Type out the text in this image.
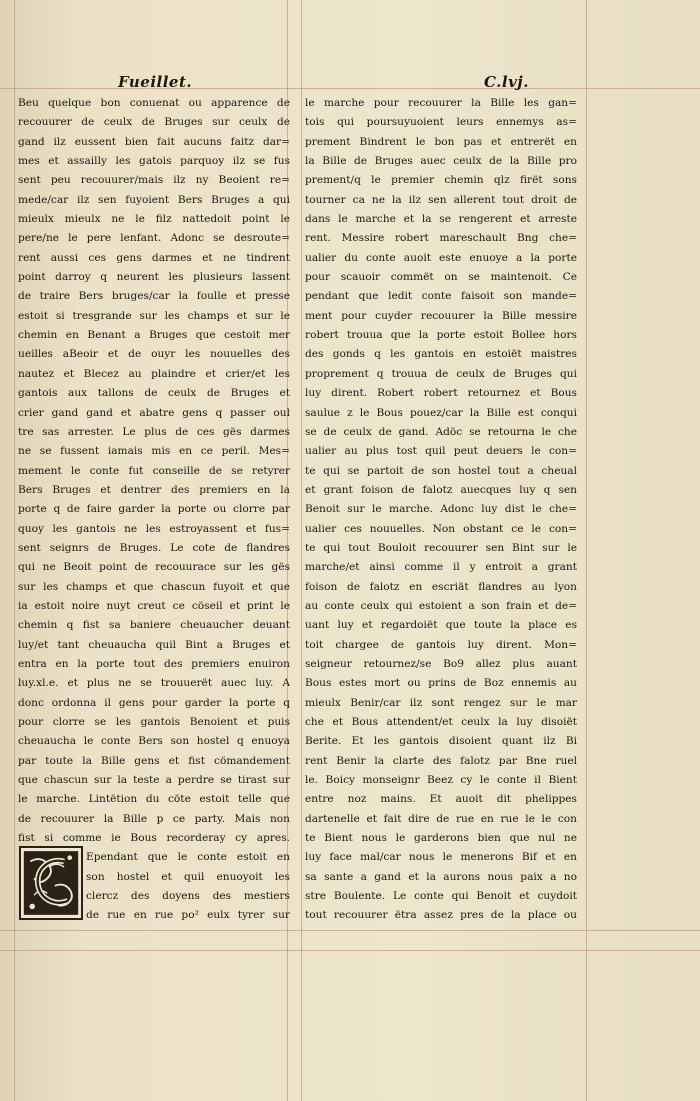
Fueillet.	C.lvj.
Beu quelque bon conuenat ou apparence de
recouurer de ceulx de Bruges sur ceulx de
gand ilz eussent bien fait aucuns faitz dar=
mes et assailly les gatois parquoy ilz se fus
sent peu recouurer/mais ilz ny Beoient re=
mede/car ilz sen fuyoient Bers Bruges a qui
mieulx mieulx ne le filz nattedoit point le
pere/ne le pere lenfant. Adonc se desroute=
rent aussi ces gens darmes et ne tindrent
point darroy q neurent les plusieurs lassent
de traire Bers bruges/car la foulle et presse
estoit si tresgrande sur les champs et sur le
chemin en Benant a Bruges que cestoit mer
ueilles aBeoir et de ouyr les nouuelles des
nautez et Blecez au plaindre et crier/et les
gantois aux tallons de ceulx de Bruges et
crier gand gand et abatre gens q passer oul
tre sas arrester. Le plus de ces gës darmes
ne se fussent iamais mis en ce peril. Mes=
mement le conte fut conseille de se retyrer
Bers Bruges et dentrer des premiers en la
porte q de faire garder la porte ou clorre par
quoy les gantois ne les estroyassent et fus=
sent seignrs de Bruges. Le cote de flandres
qui ne Beoit point de recouurace sur les gës
sur les champs et que chascun fuyoit et que
ia estoit noire nuyt creut ce cöseil et print le
chemin q fist sa baniere cheuaucher deuant
luy/et tant cheuaucha quil Bint a Bruges et
entra en la porte tout des premiers enuiron
luy.xl.e. et plus ne se trouuerët auec luy. A
donc ordonna il gens pour garder la porte q
pour clorre se les gantois Benoient et puis
cheuaucha le conte Bers son hostel q enuoya
par toute la Bille gens et fist cömandement
que chascun sur la teste a perdre se tirast sur
le marche. Lintëtion du cöte estoit telle que
de recouurer la Bille p ce party. Mais non
fist si comme ie Bous recorderay cy apres.
Ependant que le conte estoit en
son hostel et quil enuoyoit les
clercz des doyens des mestiers
de rue en rue po² eulx tyrer sur
le marche pour recouurer la Bille les gan=
tois qui poursuyuoient leurs ennemys as=
prement Bindrent le bon pas et entrerët en
la Bille de Bruges auec ceulx de la Bille pro
prement/q le premier chemin qlz firët sons
tourner ca ne la ilz sen allerent tout droit de
dans le marche et la se rengerent et arreste
rent. Messire robert mareschault Bng che=
ualier du conte auoit este enuoye a la porte
pour scauoir commët on se maintenoit. Ce
pendant que ledit conte faisoit son mande=
ment pour cuyder recouurer la Bille messire
robert trouua que la porte estoit Bollee hors
des gonds q les gantois en estoiët maistres
proprement q trouua de ceulx de Bruges qui
luy dirent. Robert robert retournez et Bous
saulue z le Bous pouez/car la Bille est conqui
se de ceulx de gand. Adöc se retourna le che
ualier au plus tost quil peut deuers le con=
te qui se partoit de son hostel tout a cheual
et grant foison de falotz auecques luy q sen
Benoit sur le marche. Adonc luy dist le che=
ualier ces nouuelles. Non obstant ce le con=
te qui tout Bouloit recouurer sen Bint sur le
marche/et ainsi comme il y entroit a grant
foison de falotz en escriät flandres au lyon
au conte ceulx qui estoient a son frain et de=
uant luy et regardoiët que toute la place es
toit chargee de gantois luy dirent. Mon=
seigneur retournez/se Bo9 allez plus auant
Bous estes mort ou prins de Boz ennemis au
mieulx Benir/car ilz sont rengez sur le mar
che et Bous attendent/et ceulx la luy disoiët
Berite. Et les gantois disoient quant ilz Bi
rent Benir la clarte des falotz par Bne ruel
le. Boicy monseignr Beez cy le conte il Bient
entre noz mains. Et auoit dit phelippes
dartenelle et fait dire de rue en rue le le con
te Bient nous le garderons bien que nul ne
luy face mal/car nous le menerons Bif et en
sa sante a gand et la aurons nous paix a no
stre Boulente. Le conte qui Benoit et cuydoit
tout recouurer ëtra assez pres de la place ou
